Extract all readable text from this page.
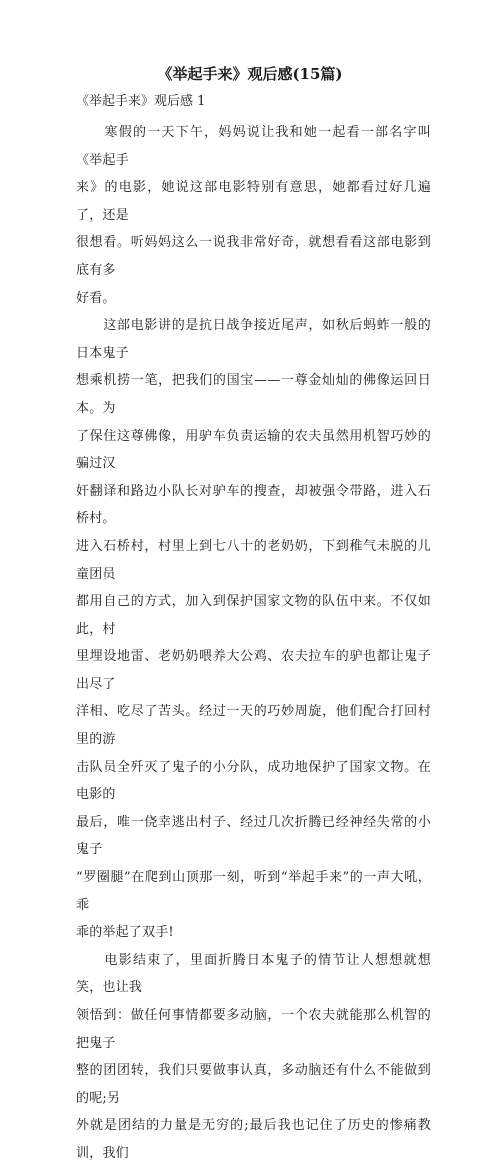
《举起手来》观后感(15篇)

《举起手来》观后感 1

　　寒假的一天下午，妈妈说让我和她一起看一部名字叫《举起手
来》的电影，她说这部电影特别有意思，她都看过好几遍了，还是
很想看。听妈妈这么一说我非常好奇，就想看看这部电影到底有多
好看。

　　这部电影讲的是抗日战争接近尾声，如秋后蚂蚱一般的日本鬼子
想乘机捞一笔，把我们的国宝——一尊金灿灿的佛像运回日本。为
了保住这尊佛像，用驴车负责运输的农夫虽然用机智巧妙的骗过汉
奸翻译和路边小队长对驴车的搜查，却被强令带路，进入石桥村。
进入石桥村，村里上到七八十的老奶奶，下到稚气未脱的儿童团员
都用自己的方式，加入到保护国家文物的队伍中来。不仅如此，村
里埋设地雷、老奶奶喂养大公鸡、农夫拉车的驴也都让鬼子出尽了
洋相、吃尽了苦头。经过一天的巧妙周旋，他们配合打回村里的游
击队员全歼灭了鬼子的小分队，成功地保护了国家文物。在电影的
最后，唯一侥幸逃出村子、经过几次折腾已经神经失常的小鬼子
“罗圈腿”在爬到山顶那一刻，听到“举起手来”的一声大吼，乖
乖的举起了双手!

　　电影结束了，里面折腾日本鬼子的情节让人想想就想笑，也让我
领悟到：做任何事情都要多动脑，一个农夫就能那么机智的把鬼子
整的团团转，我们只要做事认真，多动脑还有什么不能做到的呢;另
外就是团结的力量是无穷的;最后我也记住了历史的惨痛教训，我们
